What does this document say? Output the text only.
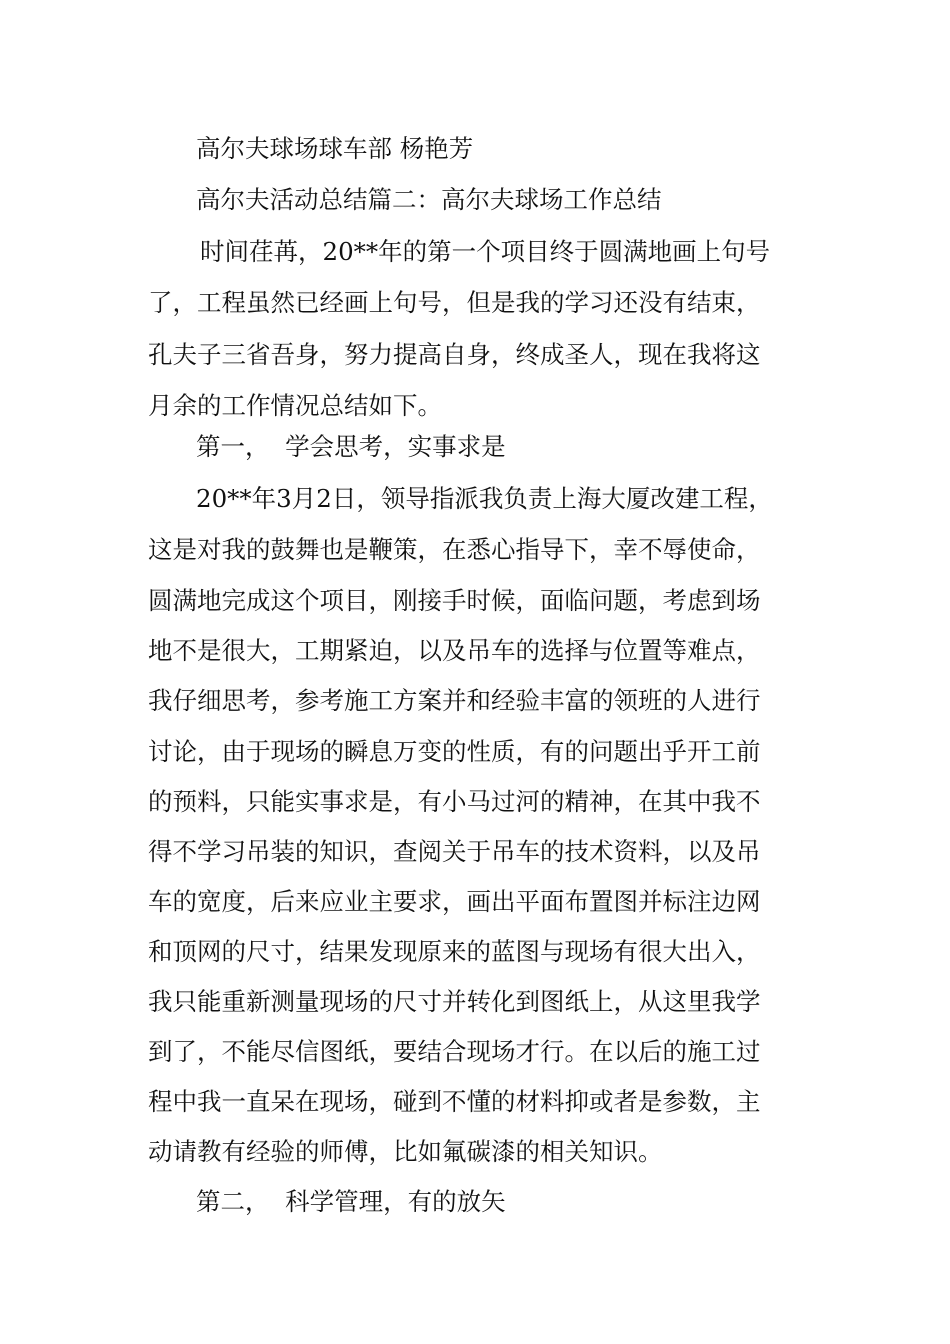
高尔夫球场球车部 杨艳芳
高尔夫活动总结篇二：高尔夫球场工作总结
时间荏苒，20**年的第一个项目终于圆满地画上句号
了，工程虽然已经画上句号，但是我的学习还没有结束，
孔夫子三省吾身，努力提高自身，终成圣人，现在我将这
月余的工作情况总结如下。
第一，  学会思考，实事求是
20**年3月2日，领导指派我负责上海大厦改建工程，
这是对我的鼓舞也是鞭策，在悉心指导下，幸不辱使命，
圆满地完成这个项目，刚接手时候，面临问题，考虑到场
地不是很大，工期紧迫，以及吊车的选择与位置等难点，
我仔细思考，参考施工方案并和经验丰富的领班的人进行
讨论，由于现场的瞬息万变的性质，有的问题出乎开工前
的预料，只能实事求是，有小马过河的精神，在其中我不
得不学习吊装的知识，查阅关于吊车的技术资料，以及吊
车的宽度，后来应业主要求，画出平面布置图并标注边网
和顶网的尺寸，结果发现原来的蓝图与现场有很大出入，
我只能重新测量现场的尺寸并转化到图纸上，从这里我学
到了，不能尽信图纸，要结合现场才行。在以后的施工过
程中我一直呆在现场，碰到不懂的材料抑或者是参数，主
动请教有经验的师傅，比如氟碳漆的相关知识。
第二，  科学管理，有的放矢
